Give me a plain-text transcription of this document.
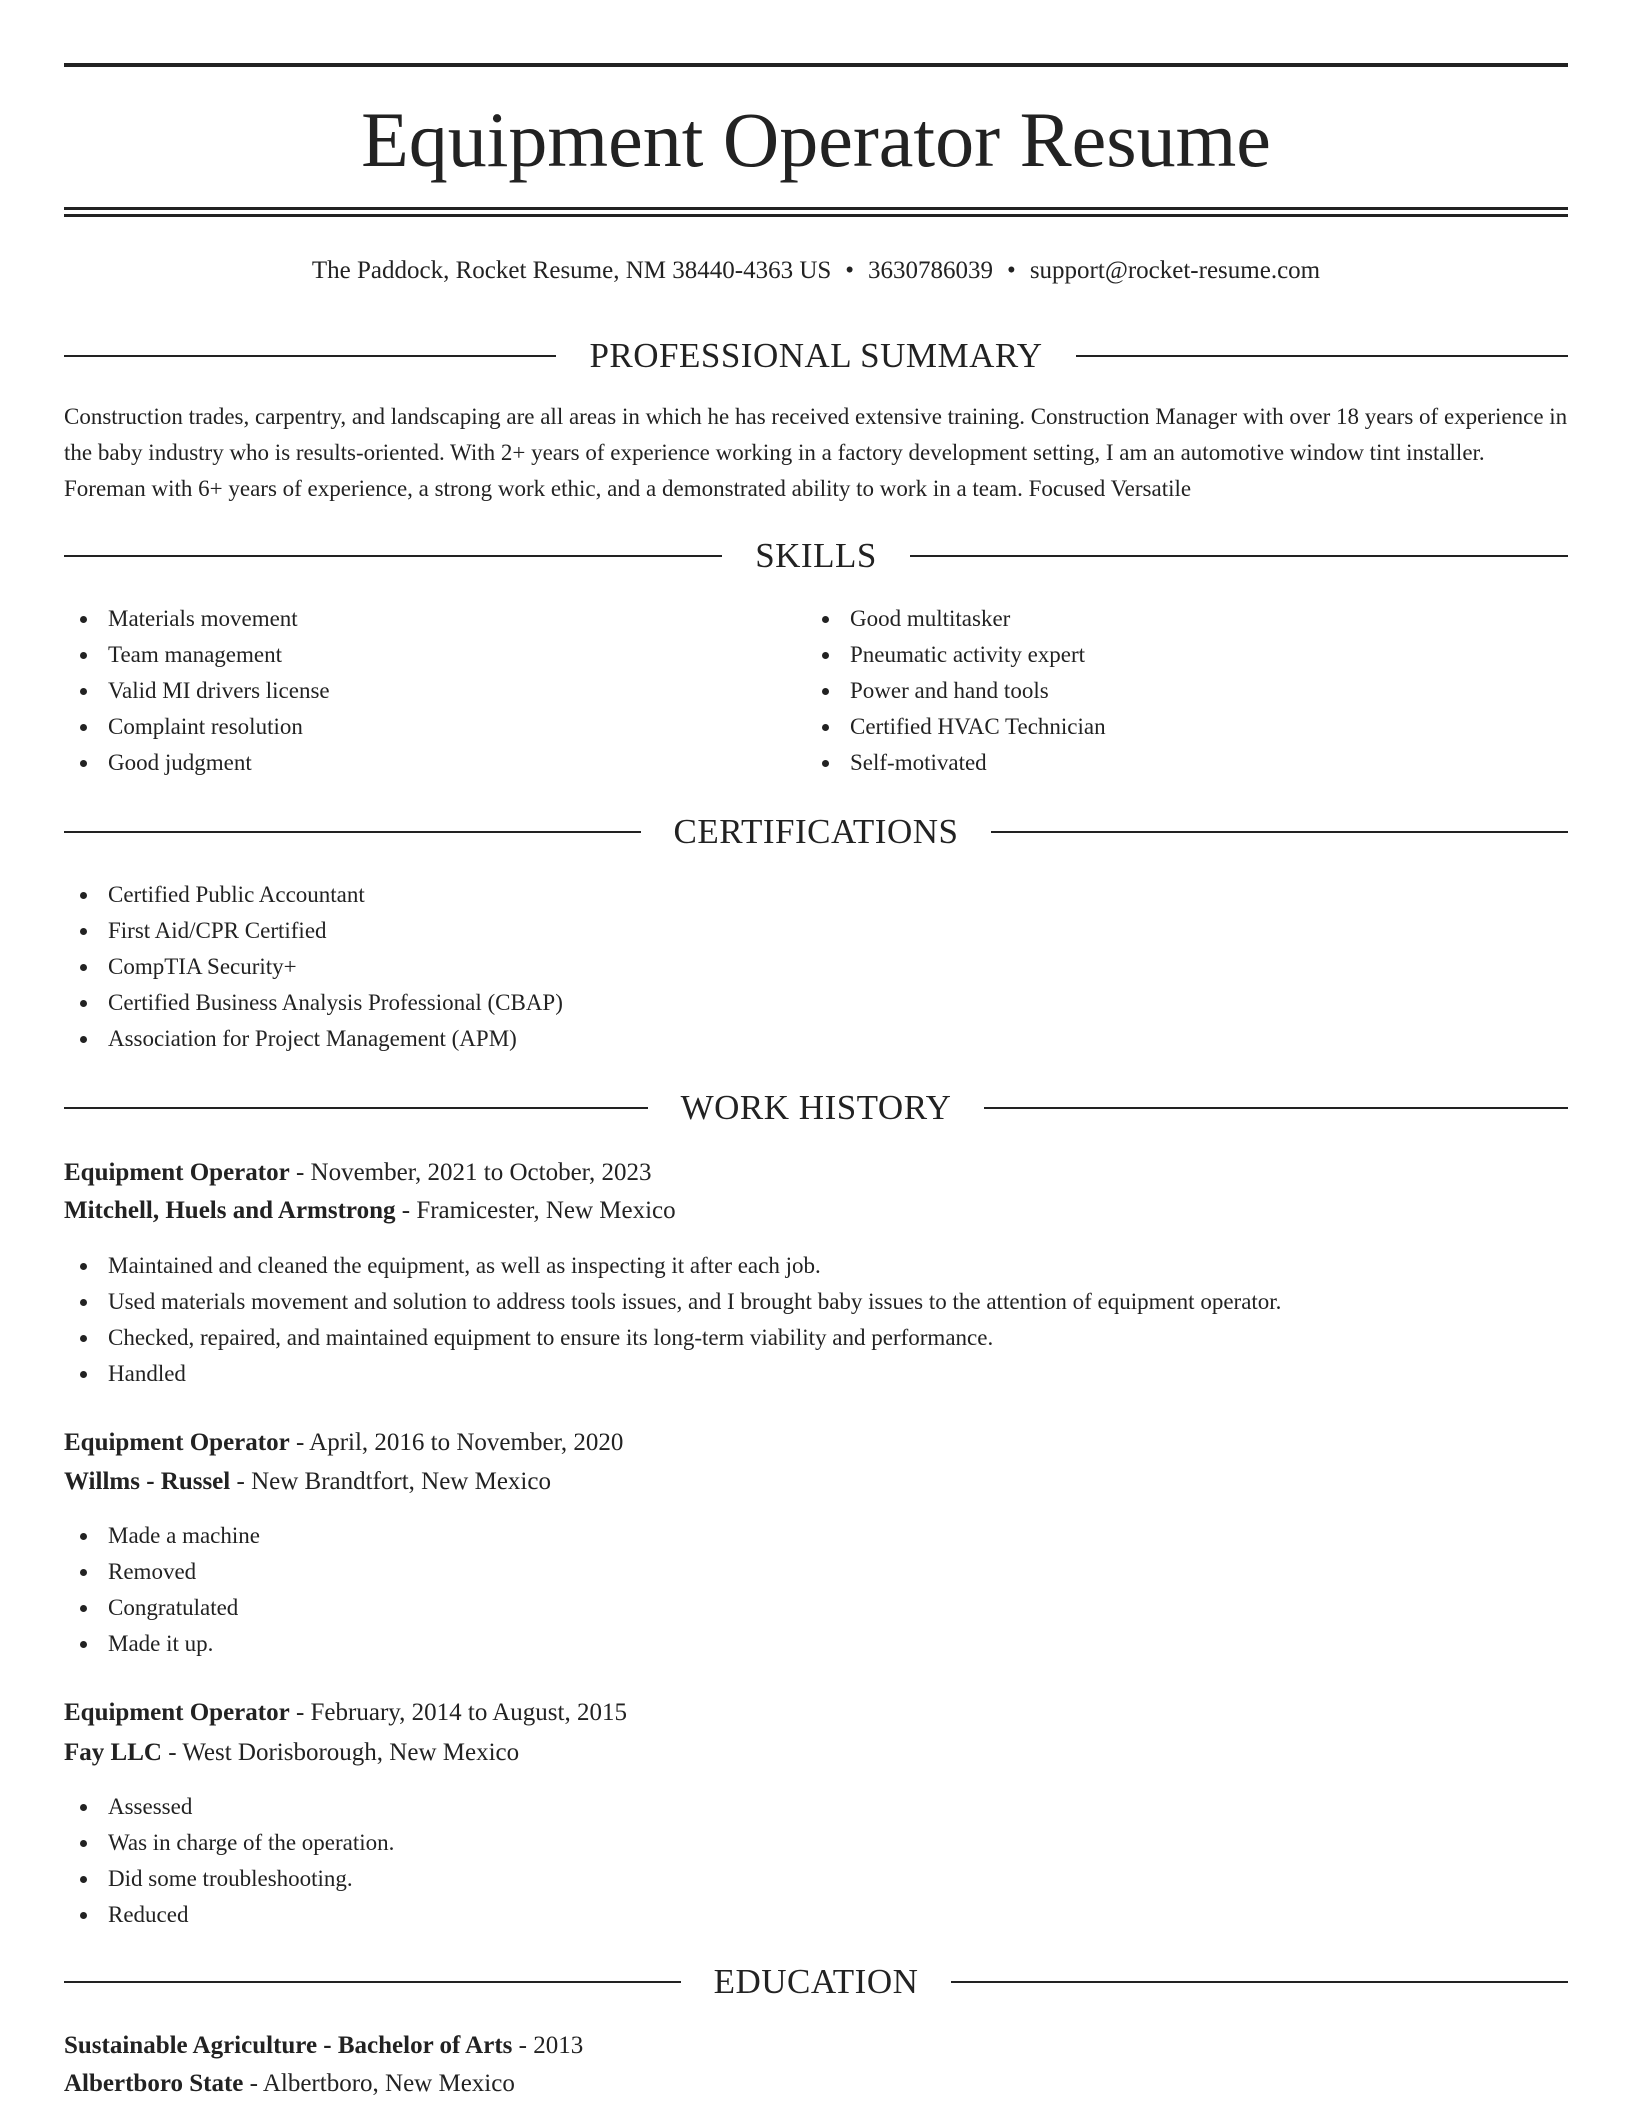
Equipment Operator Resume
The Paddock, Rocket Resume, NM 38440-4363 US • 3630786039 • support@rocket-resume.com
PROFESSIONAL SUMMARY

Construction trades, carpentry, and landscaping are all areas in which he has received extensive training. Construction Manager with over 18 years of experience in the baby industry who is results-oriented. With 2+ years of experience working in a factory development setting, I am an automotive window tint installer. Foreman with 6+ years of experience, a strong work ethic, and a demonstrated ability to work in a team. Focused Versatile

SKILLS
Materials movement
Team management
Valid MI drivers license
Complaint resolution
Good judgment
Good multitasker
Pneumatic activity expert
Power and hand tools
Certified HVAC Technician
Self-motivated
CERTIFICATIONS
Certified Public Accountant
First Aid/CPR Certified
CompTIA Security+
Certified Business Analysis Professional (CBAP)
Association for Project Management (APM)
WORK HISTORY
Equipment Operator - November, 2021 to October, 2023
Mitchell, Huels and Armstrong - Framicester, New Mexico
Maintained and cleaned the equipment, as well as inspecting it after each job.
Used materials movement and solution to address tools issues, and I brought baby issues to the attention of equipment operator.
Checked, repaired, and maintained equipment to ensure its long-term viability and performance.
Handled
Equipment Operator - April, 2016 to November, 2020
Willms - Russel - New Brandtfort, New Mexico
Made a machine
Removed
Congratulated
Made it up.
Equipment Operator - February, 2014 to August, 2015
Fay LLC - West Dorisborough, New Mexico
Assessed
Was in charge of the operation.
Did some troubleshooting.
Reduced
EDUCATION
Sustainable Agriculture - Bachelor of Arts - 2013
Albertboro State - Albertboro, New Mexico
